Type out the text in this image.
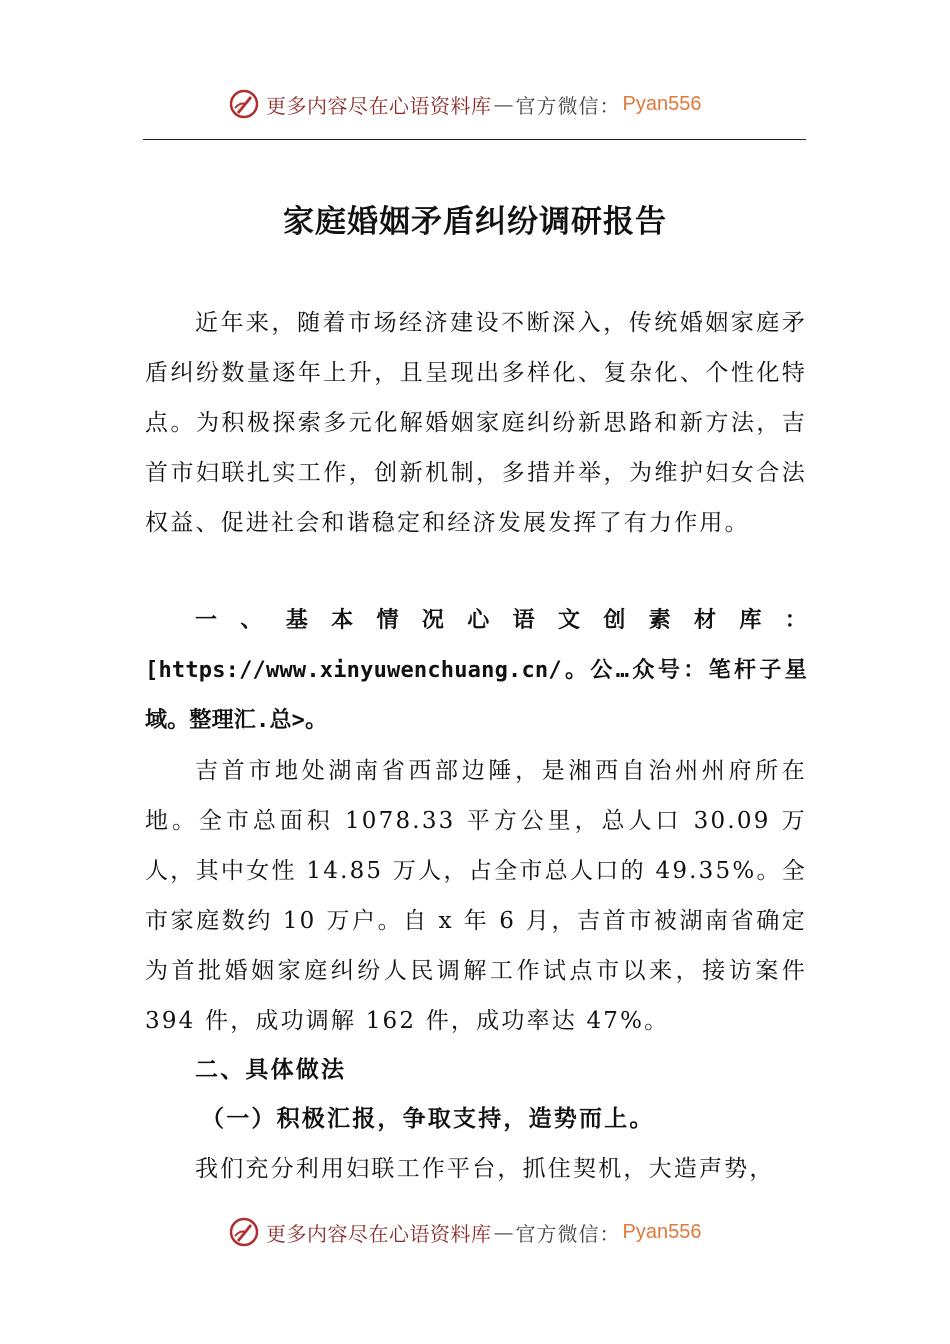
更多内容尽在心语资料库 — 官方微信： Pyan556
家庭婚姻矛盾纠纷调研报告

近年来，随着市场经济建设不断深入，传统婚姻家庭矛盾纠纷数量逐年上升，且呈现出多样化、复杂化、个性化特点。为积极探索多元化解婚姻家庭纠纷新思路和新方法，吉首市妇联扎实工作，创新机制，多措并举，为维护妇女合法权益、促进社会和谐稳定和经济发展发挥了有力作用。

一、基本情况心语文创素材库：[https://www.xinyuwenchuang.cn/。公…众号：笔杆子星域。整理汇.总>。

吉首市地处湖南省西部边陲，是湘西自治州州府所在地。全市总面积 1078.33 平方公里，总人口 30.09 万人，其中女性 14.85 万人，占全市总人口的 49.35%。全市家庭数约 10 万户。自 x 年 6 月，吉首市被湖南省确定为首批婚姻家庭纠纷人民调解工作试点市以来，接访案件 394 件，成功调解 162 件，成功率达 47%。

二、具体做法

（一）积极汇报，争取支持，造势而上。

我们充分利用妇联工作平台，抓住契机，大造声势，

更多内容尽在心语资料库 — 官方微信： Pyan556
